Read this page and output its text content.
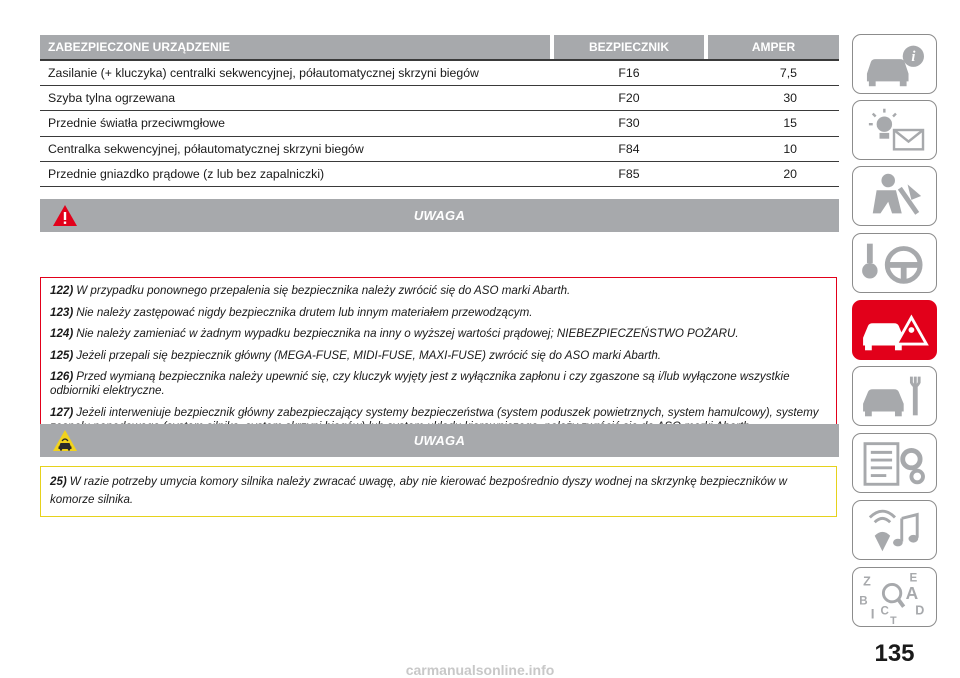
ZABEZPIECZONE URZĄDZENIE	BEZPIECZNIK	AMPER
Zasilanie (+ kluczyka) centralki sekwencyjnej, półautomatycznej skrzyni biegów	F16	7,5
Szyba tylna ogrzewana	F20	30
Przednie światła przeciwmgłowe	F30	15
Centralka sekwencyjnej, półautomatycznej skrzyni biegów	F84	10
Przednie gniazdko prądowe (z lub bez zapalniczki)	F85	20
UWAGA

122) W przypadku ponownego przepalenia się bezpiecznika należy zwrócić się do ASO marki Abarth.

123) Nie należy zastępować nigdy bezpiecznika drutem lub innym materiałem przewodzącym.

124) Nie należy zamieniać w żadnym wypadku bezpiecznika na inny o wyższej wartości prądowej; NIEBEZPIECZEŃSTWO POŻARU.

125) Jeżeli przepali się bezpiecznik główny (MEGA-FUSE, MIDI-FUSE, MAXI-FUSE) zwrócić się do ASO marki Abarth.

126) Przed wymianą bezpiecznika należy upewnić się, czy kluczyk wyjęty jest z wyłącznika zapłonu i czy zgaszone są i/lub wyłączone wszystkie odbiorniki elektryczne.

127) Jeżeli interweniuje bezpiecznik główny zabezpieczający systemy bezpieczeństwa (system poduszek powietrznych, system hamulcowy), systemy

UWAGA

25) W razie potrzeby umycia komory silnika należy zwracać uwagę, aby nie kierować bezpośrednio dyszy wodnej na skrzynkę bezpieczników w komorze silnika.

i
Z	E
B A
C D
I T
135
carmanualsonline.info
